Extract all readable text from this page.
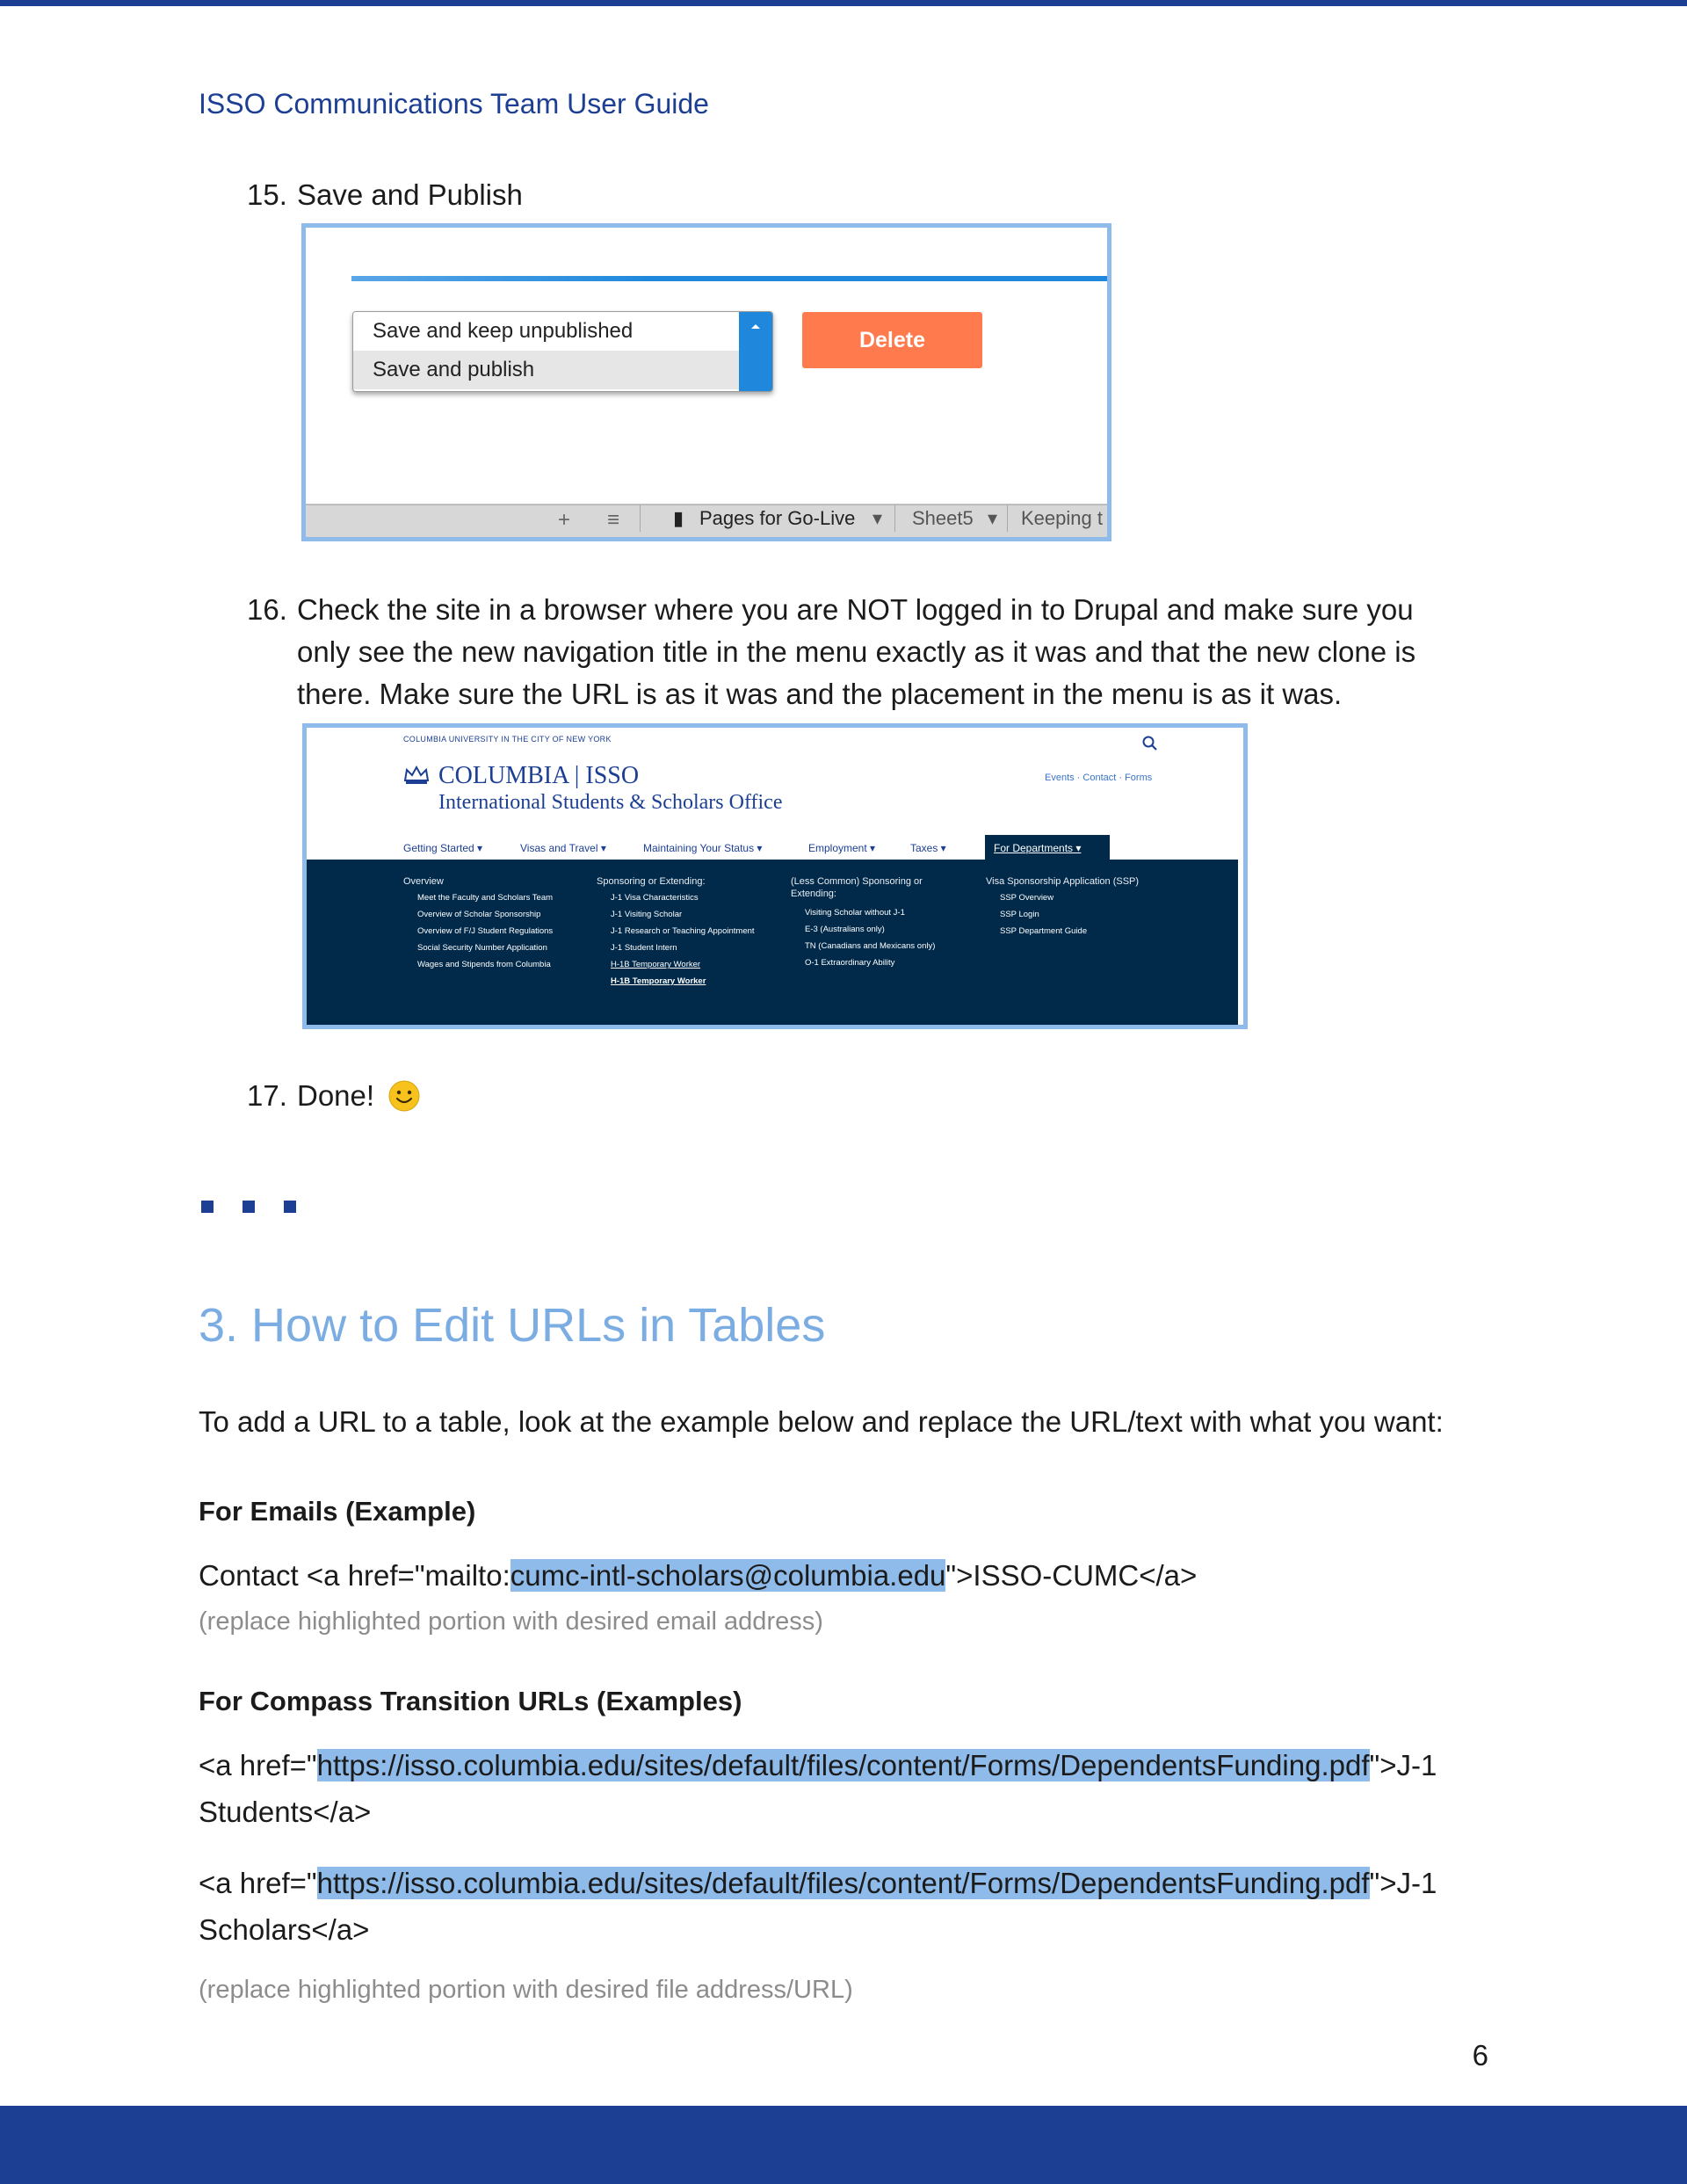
ISSO Communications Team User Guide
15. Save and Publish
Save and keep unpublished
Save and publish
Delete
+ ≡	▮ Pages for Go-Live ▾ Sheet5 ▾ Keeping t
16. Check the site in a browser where you are NOT logged in to Drupal and make sure you
only see the new navigation title in the menu exactly as it was and that the new clone is
there. Make sure the URL is as it was and the placement in the menu is as it was.
COLUMBIA UNIVERSITY IN THE CITY OF NEW YORK
COLUMBIA | ISSO
International Students & Scholars Office
Events · Contact · Forms
Getting Started ▾	Visas and Travel ▾	Maintaining Your Status ▾	Employment ▾	Taxes ▾	For Departments ▾
Overview
Meet the Faculty and Scholars Team
Overview of Scholar Sponsorship
Overview of F/J Student Regulations
Social Security Number Application
Wages and Stipends from Columbia
Sponsoring or Extending:
J-1 Visa Characteristics
J-1 Visiting Scholar
J-1 Research or Teaching Appointment
J-1 Student Intern
H-1B Temporary Worker
H-1B Temporary Worker
(Less Common) Sponsoring or
Extending:
Visiting Scholar without J-1
E-3 (Australians only)
TN (Canadians and Mexicans only)
O-1 Extraordinary Ability
Visa Sponsorship Application (SSP)
SSP Overview
SSP Login
SSP Department Guide
17. Done!
3. How to Edit URLs in Tables
To add a URL to a table, look at the example below and replace the URL/text with what you want:
For Emails (Example)
Contact <a href="mailto:cumc-intl-scholars@columbia.edu">ISSO-CUMC</a>
(replace highlighted portion with desired email address)
For Compass Transition URLs (Examples)
<a href="https://isso.columbia.edu/sites/default/files/content/Forms/DependentsFunding.pdf">J-1
Students</a>
<a href="https://isso.columbia.edu/sites/default/files/content/Forms/DependentsFunding.pdf">J-1
Scholars</a>
(replace highlighted portion with desired file address/URL)
6
